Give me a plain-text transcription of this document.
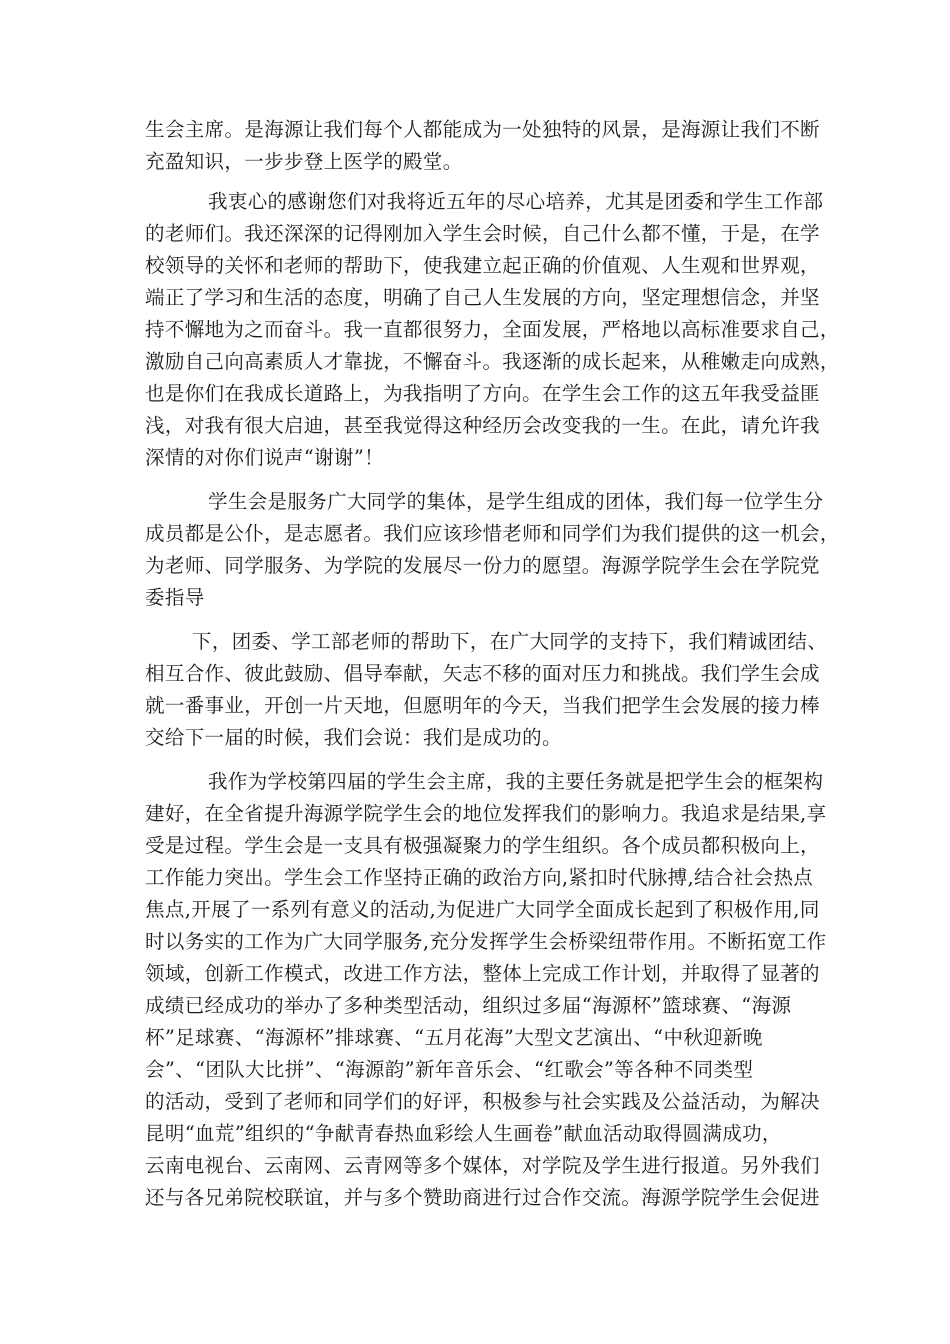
生会主席。是海源让我们每个人都能成为一处独特的风景，是海源让我们不断
充盈知识，一步步登上医学的殿堂。
我衷心的感谢您们对我将近五年的尽心培养，尤其是团委和学生工作部
的老师们。我还深深的记得刚加入学生会时候，自己什么都不懂，于是，在学
校领导的关怀和老师的帮助下，使我建立起正确的价值观、人生观和世界观，
端正了学习和生活的态度，明确了自己人生发展的方向，坚定理想信念，并坚
持不懈地为之而奋斗。我一直都很努力，全面发展，严格地以高标准要求自己，
激励自己向高素质人才靠拢，不懈奋斗。我逐渐的成长起来，从稚嫩走向成熟，
也是你们在我成长道路上，为我指明了方向。在学生会工作的这五年我受益匪
浅，对我有很大启迪，甚至我觉得这种经历会改变我的一生。在此，请允许我
深情的对你们说声“谢谢”！
学生会是服务广大同学的集体，是学生组成的团体，我们每一位学生分
成员都是公仆，是志愿者。我们应该珍惜老师和同学们为我们提供的这一机会，
为老师、同学服务、为学院的发展尽一份力的愿望。海源学院学生会在学院党
委指导
下，团委、学工部老师的帮助下，在广大同学的支持下，我们精诚团结、
相互合作、彼此鼓励、倡导奉献，矢志不移的面对压力和挑战。我们学生会成
就一番事业，开创一片天地，但愿明年的今天，当我们把学生会发展的接力棒
交给下一届的时候，我们会说：我们是成功的。
我作为学校第四届的学生会主席，我的主要任务就是把学生会的框架构
建好，在全省提升海源学院学生会的地位发挥我们的影响力。我追求是结果,享
受是过程。学生会是一支具有极强凝聚力的学生组织。各个成员都积极向上，
工作能力突出。学生会工作坚持正确的政治方向,紧扣时代脉搏,结合社会热点
焦点,开展了一系列有意义的活动,为促进广大同学全面成长起到了积极作用,同
时以务实的工作为广大同学服务,充分发挥学生会桥梁纽带作用。不断拓宽工作
领域，创新工作模式，改进工作方法，整体上完成工作计划，并取得了显著的
成绩已经成功的举办了多种类型活动，组织过多届“海源杯”篮球赛、“海源
杯”足球赛、“海源杯”排球赛、“五月花海”大型文艺演出、“中秋迎新晚
会”、“团队大比拼”、“海源韵”新年音乐会、“红歌会”等各种不同类型
的活动，受到了老师和同学们的好评，积极参与社会实践及公益活动，为解决
昆明“血荒”组织的“争献青春热血彩绘人生画卷”献血活动取得圆满成功，
云南电视台、云南网、云青网等多个媒体，对学院及学生进行报道。另外我们
还与各兄弟院校联谊，并与多个赞助商进行过合作交流。海源学院学生会促进
